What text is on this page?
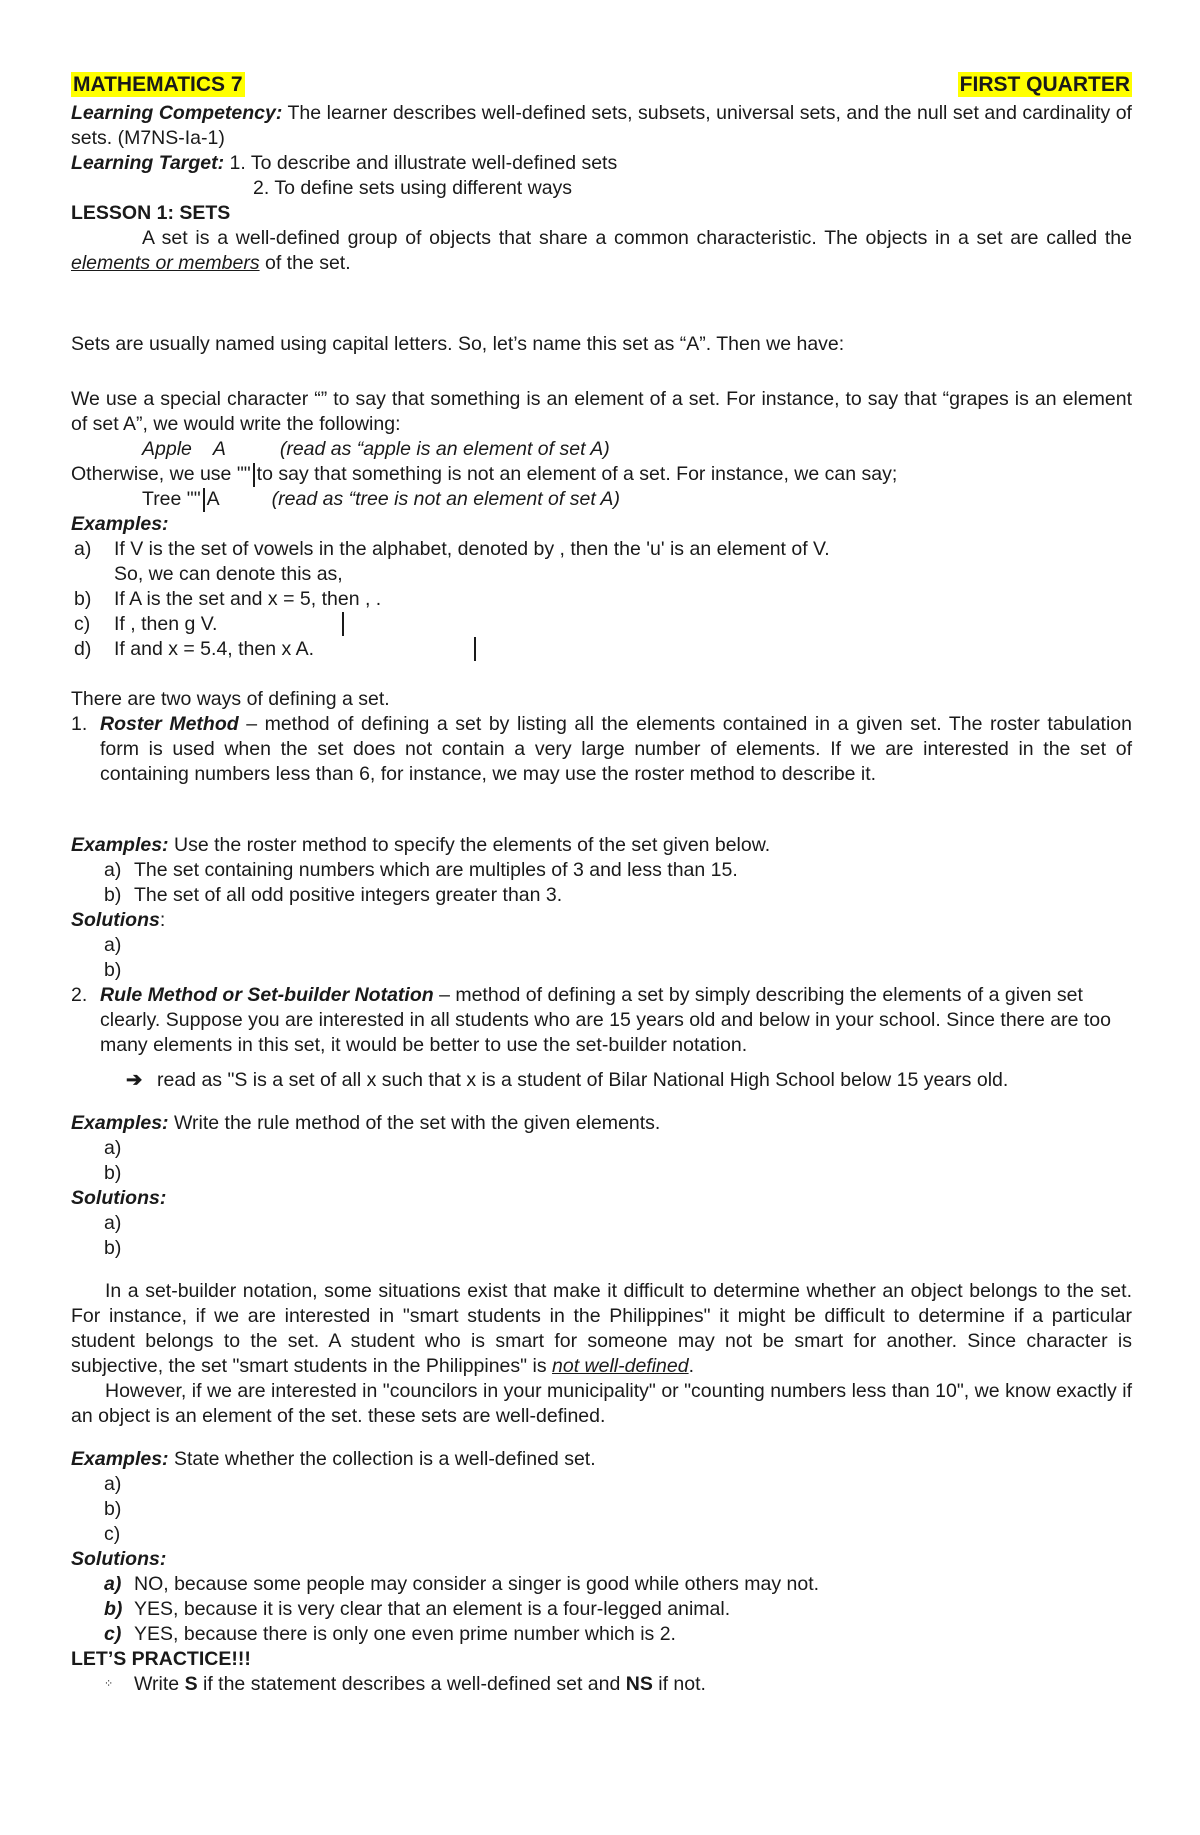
MATHEMATICS 7	FIRST QUARTER

Learning Competency: The learner describes well-defined sets, subsets, universal sets, and the null set and cardinality of sets. (M7NS-Ia-1)

Learning Target: 1. To describe and illustrate well-defined sets

2. To define sets using different ways

LESSON 1: SETS

A set is a well-defined group of objects that share a common characteristic. The objects in a set are called the elements or members of the set.

Sets are usually named using capital letters. So, let’s name this set as “A”. Then we have:

We use a special character “” to say that something is an element of a set. For instance, to say that “grapes is an element of set A”, we would write the following:

Apple    A	(read as “apple is an element of set A)

Otherwise, we use "" to say that something is not an element of a set. For instance, we can say;

Tree "" A	(read as “tree is not an element of set A)

Examples:

a)	If V is the set of vowels in the alphabet, denoted by , then the 'u' is an element of V.
So, we can denote this as,
b)	If A is the set and x = 5, then , .
c)	If , then g V.
d)	If and x = 5.4, then x A.

There are two ways of defining a set.

1. Roster Method – method of defining a set by listing all the elements contained in a given set. The roster tabulation form is used when the set does not contain a very large number of elements. If we are interested in the set of containing numbers less than 6, for instance, we may use the roster method to describe it.

Examples: Use the roster method to specify the elements of the set given below.

a) The set containing numbers which are multiples of 3 and less than 15.
b) The set of all odd positive integers greater than 3.

Solutions:

a)
b)
2. Rule Method or Set-builder Notation – method of defining a set by simply describing the elements of a given set clearly. Suppose you are interested in all students who are 15 years old and below in your school. Since there are too many elements in this set, it would be better to use the set-builder notation.

➔ read as "S is a set of all x such that x is a student of Bilar National High School below 15 years old.

Examples: Write the rule method of the set with the given elements.

a)
b)

Solutions:

a)
b)

In a set-builder notation, some situations exist that make it difficult to determine whether an object belongs to the set. For instance, if we are interested in "smart students in the Philippines" it might be difficult to determine if a particular student belongs to the set. A student who is smart for someone may not be smart for another. Since character is subjective, the set "smart students in the Philippines" is not well-defined.

However, if we are interested in "councilors in your municipality" or "counting numbers less than 10", we know exactly if an object is an element of the set. these sets are well-defined.

Examples: State whether the collection is a well-defined set.

a)
b)
c)

Solutions:

a) NO, because some people may consider a singer is good while others may not.
b) YES, because it is very clear that an element is a four-legged animal.
c) YES, because there is only one even prime number which is 2.

LET’S PRACTICE!!!

⁘	Write S if the statement describes a well-defined set and NS if not.
